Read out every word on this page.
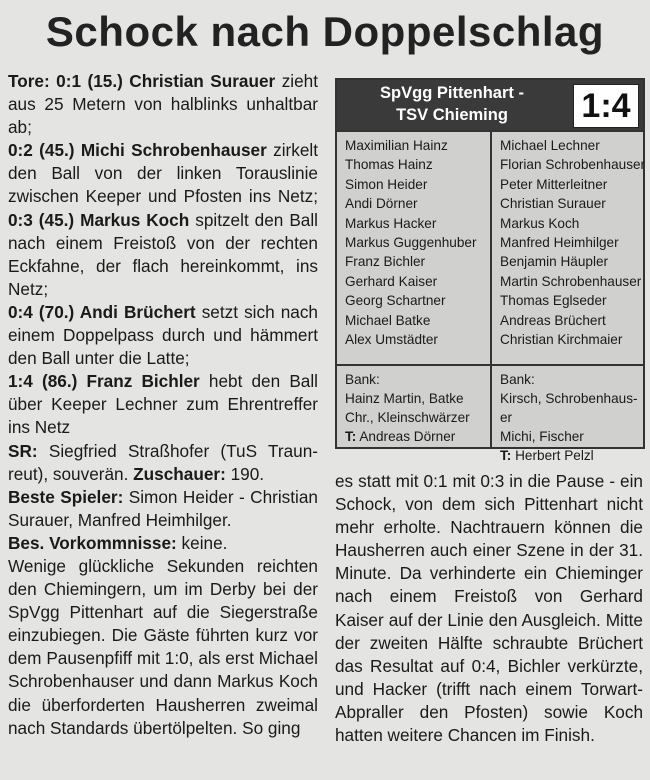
Schock nach Doppelschlag

Tore: 0:1 (15.) Christian Surauer zieht aus 25 Metern von halblinks unhaltbar ab;

0:2 (45.) Michi Schrobenhauser zirkelt den Ball von der linken Torauslinie zwischen Keeper und Pfosten ins Netz; 0:3 (45.) Markus Koch spitzelt den Ball nach einem Freistoß von der rechten Eckfahne, der flach hereinkommt, ins Netz;

0:4 (70.) Andi Brüchert setzt sich nach einem Doppelpass durch und hämmert den Ball unter die Latte;

1:4 (86.) Franz Bichler hebt den Ball über Keeper Lechner zum Ehrentreffer ins Netz

SR: Siegfried Straßhofer (TuS Traunreut), souverän. Zuschauer: 190.

Beste Spieler: Simon Heider - Christian Surauer, Manfred Heimhilger.

Bes. Vorkommnisse: keine.

Wenige glückliche Sekunden reichten den Chiemingern, um im Derby bei der SpVgg Pittenhart auf die Siegerstraße einzubiegen. Die Gäste führten kurz vor dem Pausenpfiff mit 1:0, als erst Michael Schrobenhauser und dann Markus Koch die überforderten Hausherren zweimal nach Standards übertölpelten. So ging

SpVgg Pittenhart -
TSV Chieming	1:4
Maximilian Hainz
Thomas Hainz
Simon Heider
Andi Dörner
Markus Hacker
Markus Guggenhuber
Franz Bichler
Gerhard Kaiser
Georg Schartner
Michael Batke
Alex Umstädter
Michael Lechner
Florian Schrobenhauser
Peter Mitterleitner
Christian Surauer
Markus Koch
Manfred Heimhilger
Benjamin Häupler
Martin Schrobenhauser
Thomas Eglseder
Andreas Brüchert
Christian Kirchmaier
Bank:
Hainz Martin, Batke
Chr., Kleinschwärzer
T: Andreas Dörner
Bank:
Kirsch, Schrobenhauser
Michi, Fischer
T: Herbert Pelzl

es statt mit 0:1 mit 0:3 in die Pause - ein Schock, von dem sich Pittenhart nicht mehr erholte. Nachtrauern können die Hausherren auch einer Szene in der 31. Minute. Da verhinderte ein Chieminger nach einem Freistoß von Gerhard Kaiser auf der Linie den Ausgleich. Mitte der zweiten Hälfte schraubte Brüchert das Resultat auf 0:4, Bichler verkürzte, und Hacker (trifft nach einem Torwart-Abpraller den Pfosten) sowie Koch hatten weitere Chancen im Finish.
